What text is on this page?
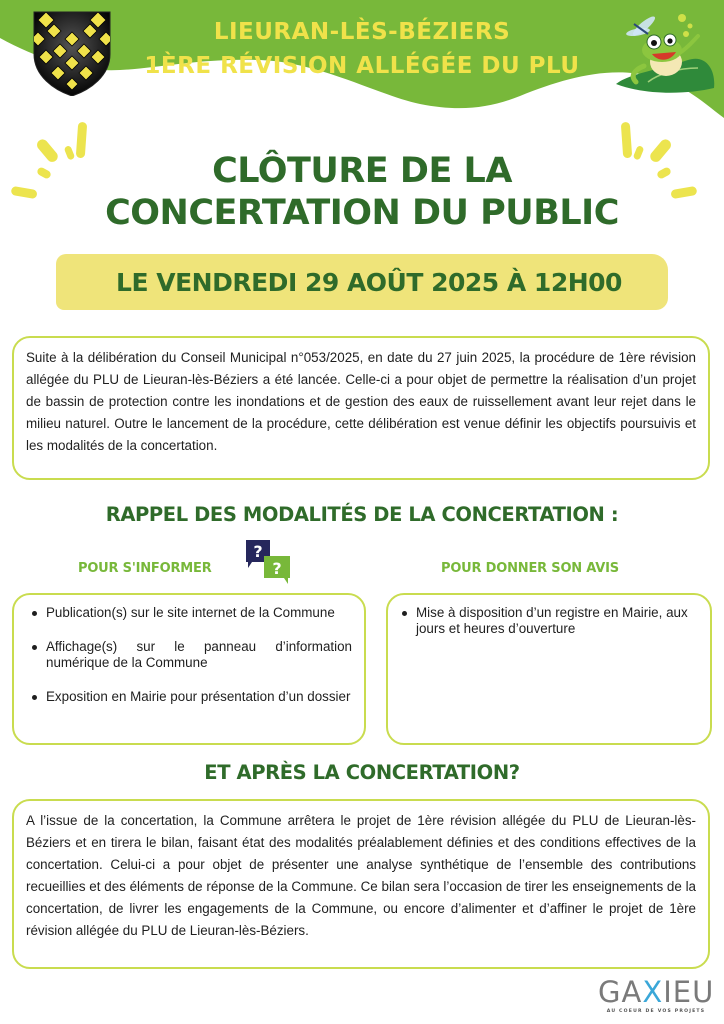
LIEURAN-LÈS-BÉZIERS
1ÈRE RÉVISION ALLÉGÉE DU PLU
CLÔTURE DE LA
CONCERTATION DU PUBLIC
LE VENDREDI 29 AOÛT 2025 À 12H00

Suite à la délibération du Conseil Municipal n°053/2025, en date du 27 juin 2025, la procédure de 1ère révision allégée du PLU de Lieuran-lès-Béziers a été lancée. Celle-ci a pour objet de permettre la réalisation d’un projet de bassin de protection contre les inondations et de gestion des eaux de ruissellement avant leur rejet dans le milieu naturel. Outre le lancement de la procédure, cette délibération est venue définir les objectifs poursuivis et les modalités de la concertation.

RAPPEL DES MODALITÉS DE LA CONCERTATION :
POUR S'INFORMER
?
?	POUR DONNER SON AVIS
Publication(s) sur le site internet de la Commune
Affichage(s) sur le panneau d’information numérique de la Commune
Exposition en Mairie pour présentation d’un dossier
Mise à disposition d’un registre en Mairie, aux jours et heures d’ouverture
ET APRÈS LA CONCERTATION?

A l’issue de la concertation, la Commune arrêtera le projet de 1ère révision allégée du PLU de Lieuran-lès-Béziers et en tirera le bilan, faisant état des modalités préalablement définies et des conditions effectives de la concertation. Celui-ci a pour objet de présenter une analyse synthétique de l’ensemble des contributions recueillies et des éléments de réponse de la Commune. Ce bilan sera l’occasion de tirer les enseignements de la concertation, de livrer les engagements de la Commune, ou encore d’alimenter et d’affiner le projet de 1ère révision allégée du PLU de Lieuran-lès-Béziers.

GAXIEU
AU COEUR DE VOS PROJETS
